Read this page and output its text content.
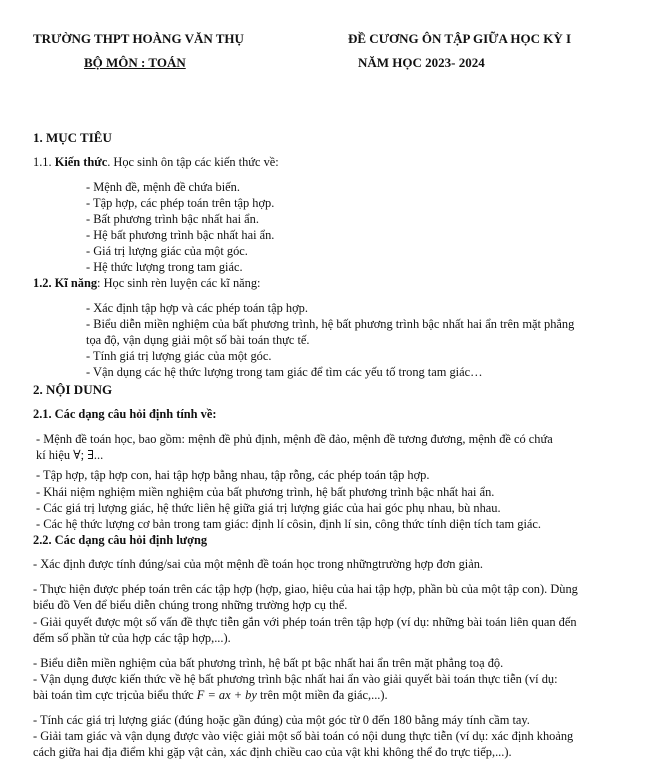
TRƯỜNG THPT HOÀNG VĂN THỤ	ĐỀ CƯƠNG ÔN TẬP GIỮA HỌC KỲ I
BỘ MÔN : TOÁN	NĂM HỌC 2023- 2024
1. MỤC TIÊU
1.1. Kiến thức. Học sinh ôn tập các kiến thức về:
- Mệnh đề, mệnh đề chứa biến.
- Tập hợp, các phép toán trên tập hợp.
- Bất phương trình bậc nhất hai ẩn.
- Hệ bất phương trình bậc nhất hai ẩn.
- Giá trị lượng giác của một góc.
- Hệ thức lượng trong tam giác.
1.2. Kĩ năng: Học sinh rèn luyện các kĩ năng:
- Xác định tập hợp và các phép toán tập hợp.
- Biểu diễn miền nghiệm của bất phương trình, hệ bất phương trình bậc nhất hai ẩn trên mặt phẳng
tọa độ, vận dụng giải một số bài toán thực tế.
- Tính giá trị lượng giác của một góc.
- Vận dụng các hệ thức lượng trong tam giác để tìm các yếu tố trong tam giác…
2. NỘI DUNG
2.1. Các dạng câu hỏi định tính về:
- Mệnh đề toán học, bao gồm: mệnh đề phủ định, mệnh đề đảo, mệnh đề tương đương, mệnh đề có chứa
kí hiệu ∀; ∃...
- Tập hợp, tập hợp con, hai tập hợp bằng nhau, tập rỗng, các phép toán tập hợp.
- Khái niệm nghiệm miền nghiệm của bất phương trình, hệ bất phương trình bậc nhất hai ẩn.
- Các giá trị lượng giác, hệ thức liên hệ giữa giá trị lượng giác của hai góc phụ nhau, bù nhau.
- Các hệ thức lượng cơ bản trong tam giác: định lí côsin, định lí sin, công thức tính diện tích tam giác.
2.2. Các dạng câu hỏi định lượng
- Xác định được tính đúng/sai của một mệnh đề toán học trong nhữngtrường hợp đơn giản.
- Thực hiện được phép toán trên các tập hợp (hợp, giao, hiệu của hai tập hợp, phần bù của một tập con). Dùng
biểu đồ Ven để biểu diễn chúng trong những trường hợp cụ thể.
- Giải quyết được một số vấn đề thực tiễn gắn với phép toán trên tập hợp (ví dụ: những bài toán liên quan đến
đếm số phần tử của hợp các tập hợp,...).
- Biểu diễn miền nghiệm của bất phương trình, hệ bất pt bậc nhất hai ẩn trên mặt phẳng toạ độ.
- Vận dụng được kiến thức về hệ bất phương trình bậc nhất hai ẩn vào giải quyết bài toán thực tiễn (ví dụ:
bài toán tìm cực trịcủa biểu thức F = ax + by trên một miền đa giác,...).
- Tính các giá trị lượng giác (đúng hoặc gần đúng) của một góc từ 0 đến 180 bằng máy tính cầm tay.
- Giải tam giác và vận dụng được vào việc giải một số bài toán có nội dung thực tiễn (ví dụ: xác định khoảng
cách giữa hai địa điểm khi gặp vật cản, xác định chiều cao của vật khi không thể đo trực tiếp,...).
